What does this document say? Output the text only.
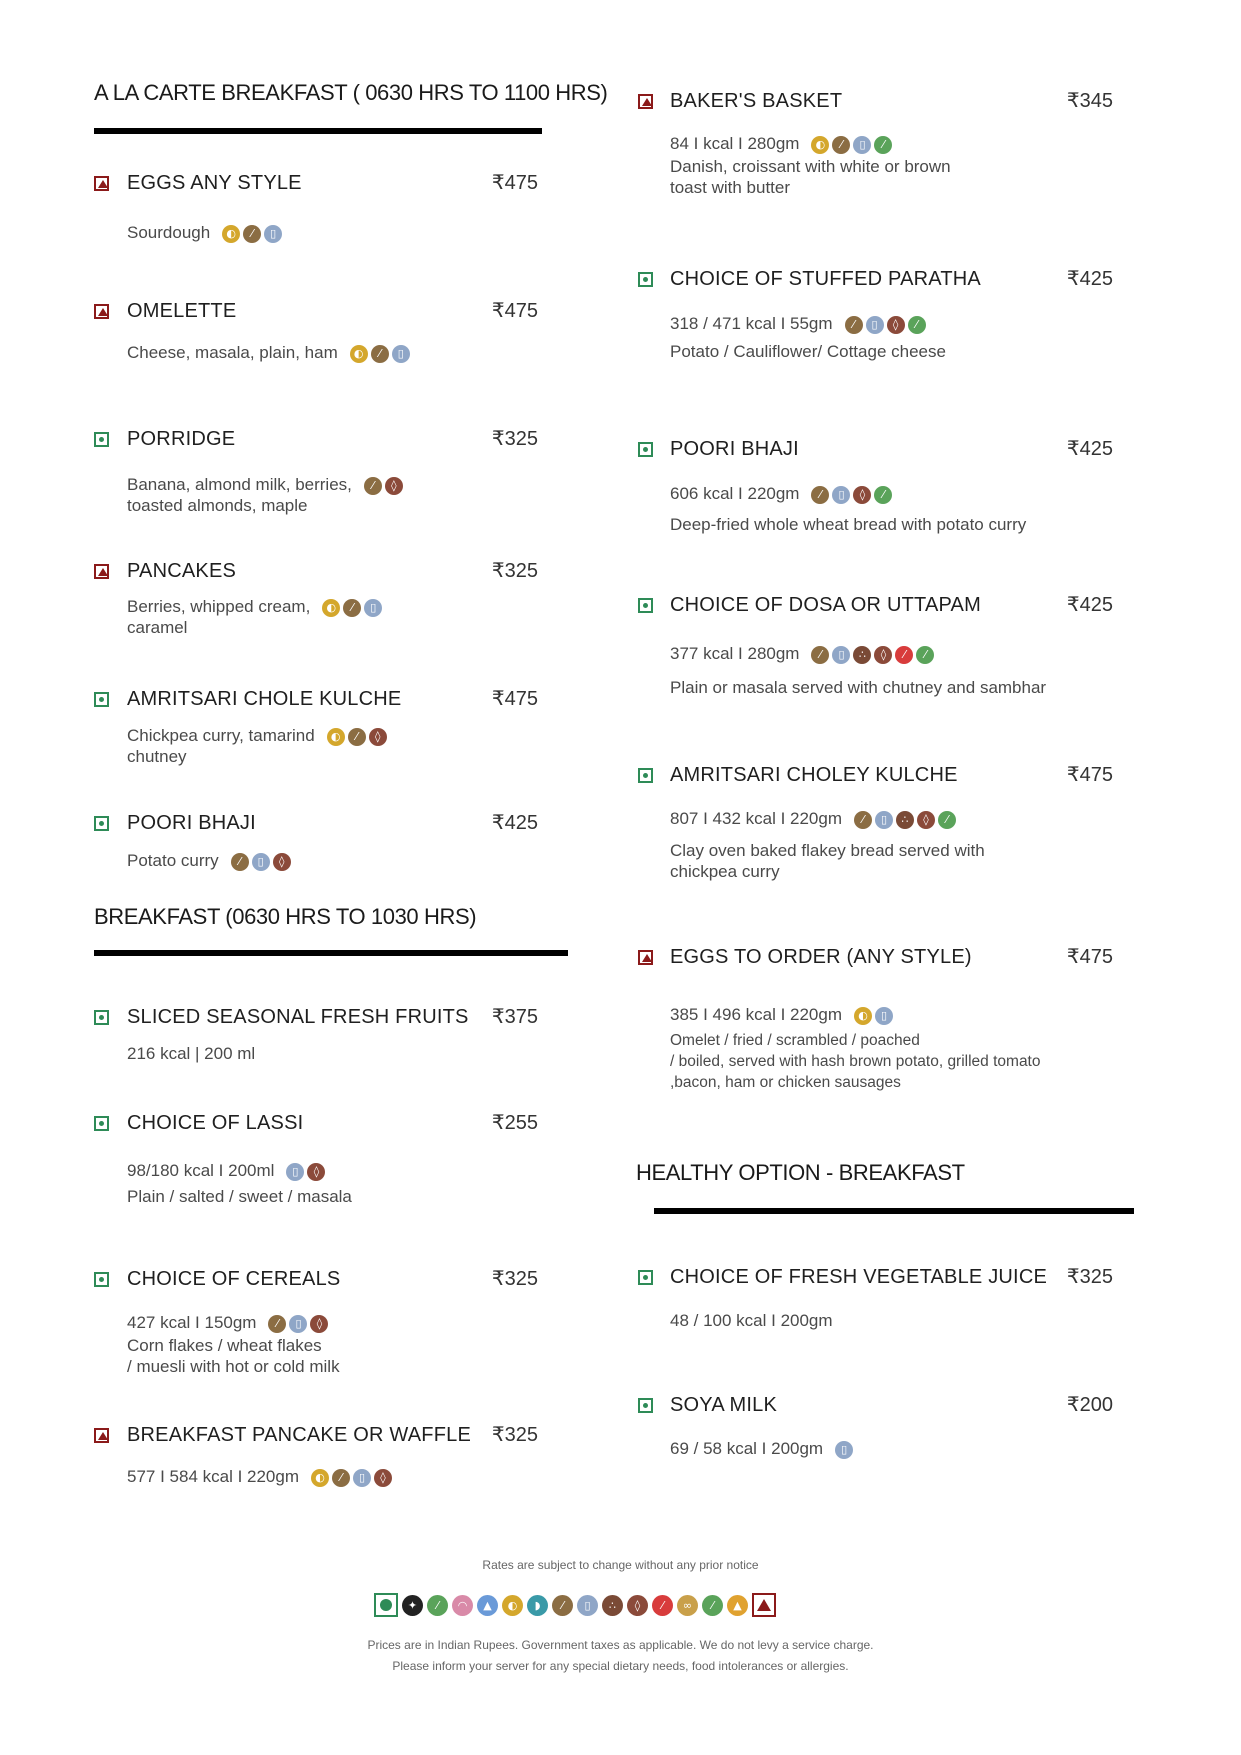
A LA CARTE BREAKFAST ( 0630 HRS TO 1100 HRS)
EGGS ANY STYLE	₹475
Sourdough	◐	⁄	▯
OMELETTE	₹475
Cheese, masala, plain, ham	◐	⁄	▯
PORRIDGE	₹325
Banana, almond milk, berries,	⁄	◊
toasted almonds, maple
PANCAKES	₹325
Berries, whipped cream,	◐	⁄	▯
caramel
AMRITSARI CHOLE KULCHE	₹475
Chickpea curry, tamarind	◐	⁄	◊
chutney
POORI BHAJI	₹425
Potato curry	⁄	▯	◊
BREAKFAST (0630 HRS TO 1030 HRS)
SLICED SEASONAL FRESH FRUITS ₹375
216 kcal | 200 ml
CHOICE OF LASSI	₹255
98/180 kcal I 200ml	▯	◊
Plain / salted / sweet / masala
CHOICE OF CEREALS	₹325
427 kcal I 150gm	⁄	▯	◊
Corn flakes / wheat flakes
/ muesli with hot or cold milk
BREAKFAST PANCAKE OR WAFFLE ₹325
577 I 584 kcal I 220gm	◐	⁄	▯	◊
BAKER'S BASKET	₹345
84 I kcal I 280gm	◐	⁄	▯	⁄
Danish, croissant with white or brown
toast with butter
CHOICE OF STUFFED PARATHA	₹425
318 / 471 kcal I 55gm	⁄	▯	◊	⁄
Potato / Cauliflower/ Cottage cheese
POORI BHAJI	₹425
606 kcal I 220gm	⁄	▯	◊	⁄
Deep-fried whole wheat bread with potato curry
CHOICE OF DOSA OR UTTAPAM	₹425
377 kcal I 280gm	⁄	▯	∴	◊	⁄	⁄
Plain or masala served with chutney and sambhar
AMRITSARI CHOLEY KULCHE	₹475
807 I 432 kcal I 220gm	⁄	▯	∴	◊	⁄
Clay oven baked flakey bread served with
chickpea curry
EGGS TO ORDER (ANY STYLE)	₹475
385 I 496 kcal I 220gm	◐	▯
Omelet / fried / scrambled / poached
/ boiled, served with hash brown potato, grilled tomato
,bacon, ham or chicken sausages
HEALTHY OPTION - BREAKFAST
CHOICE OF FRESH VEGETABLE JUICE ₹325
48 / 100 kcal I 200gm
SOYA MILK	₹200
69 / 58 kcal I 200gm	▯
Rates are subject to change without any prior notice
✦	⁄	◠	▲	◐	◗	⁄	▯	∴	◊	⁄	∞	⁄	▲
Prices are in Indian Rupees. Government taxes as applicable. We do not levy a service charge.
Please inform your server for any special dietary needs, food intolerances or allergies.
